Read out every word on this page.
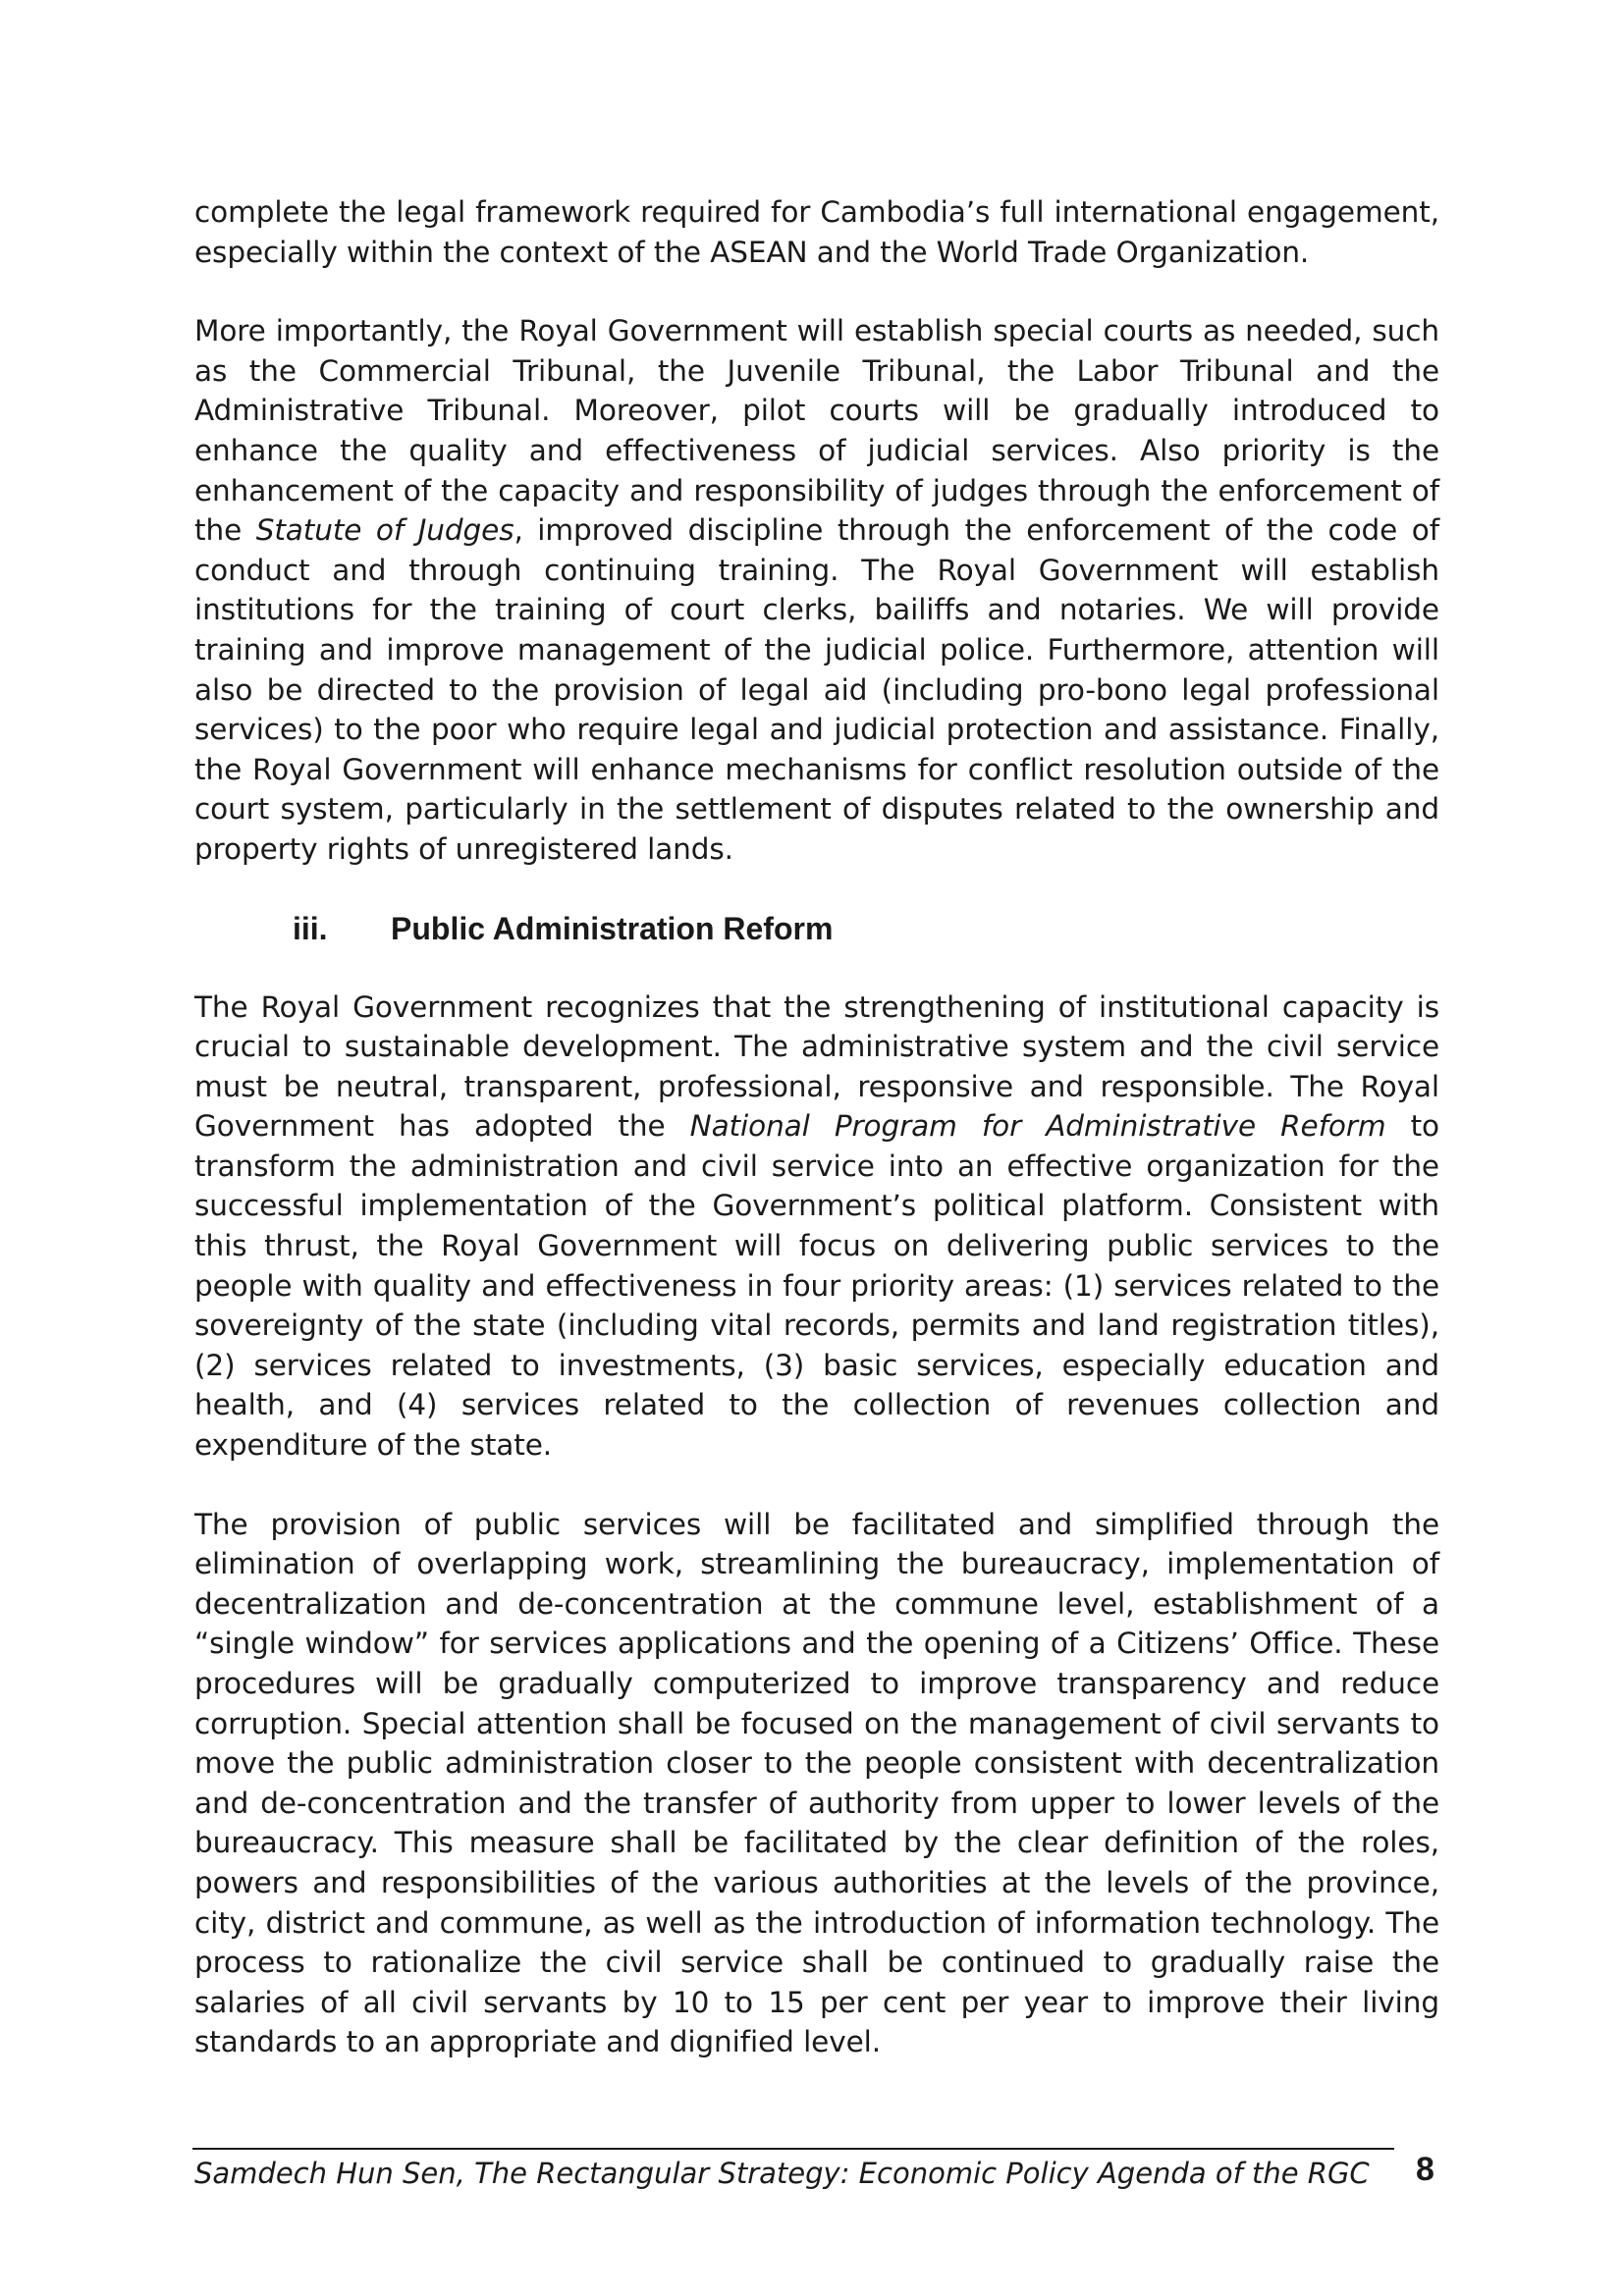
complete the legal framework required for Cambodia’s full international engagement, especially within the context of the ASEAN and the World Trade Organization.

More importantly, the Royal Government will establish special courts as needed, such as the Commercial Tribunal, the Juvenile Tribunal, the Labor Tribunal and the Administrative Tribunal. Moreover, pilot courts will be gradually introduced to enhance the quality and effectiveness of judicial services. Also priority is the enhancement of the capacity and responsibility of judges through the enforcement of the Statute of Judges, improved discipline through the enforcement of the code of conduct and through continuing training. The Royal Government will establish institutions for the training of court clerks, bailiffs and notaries. We will provide training and improve management of the judicial police. Furthermore, attention will also be directed to the provision of legal aid (including pro-bono legal professional services) to the poor who require legal and judicial protection and assistance. Finally, the Royal Government will enhance mechanisms for conflict resolution outside of the court system, particularly in the settlement of disputes related to the ownership and property rights of unregistered lands.

iii.	Public Administration Reform

The Royal Government recognizes that the strengthening of institutional capacity is crucial to sustainable development. The administrative system and the civil service must be neutral, transparent, professional, responsive and responsible. The Royal Government has adopted the National Program for Administrative Reform to transform the administration and civil service into an effective organization for the successful implementation of the Government’s political platform. Consistent with this thrust, the Royal Government will focus on delivering public services to the people with quality and effectiveness in four priority areas: (1) services related to the sovereignty of the state (including vital records, permits and land registration titles), (2) services related to investments, (3) basic services, especially education and health, and (4) services related to the collection of revenues collection and expenditure of the state.

The provision of public services will be facilitated and simplified through the elimination of overlapping work, streamlining the bureaucracy, implementation of decentralization and de-concentration at the commune level, establishment of a “single window” for services applications and the opening of a Citizens’ Office. These procedures will be gradually computerized to improve transparency and reduce corruption. Special attention shall be focused on the management of civil servants to move the public administration closer to the people consistent with decentralization and de-concentration and the transfer of authority from upper to lower levels of the bureaucracy. This measure shall be facilitated by the clear definition of the roles, powers and responsibilities of the various authorities at the levels of the province, city, district and commune, as well as the introduction of information technology. The process to rationalize the civil service shall be continued to gradually raise the salaries of all civil servants by 10 to 15 per cent per year to improve their living standards to an appropriate and dignified level.

Samdech Hun Sen, The Rectangular Strategy: Economic Policy Agenda of the RGC 8
